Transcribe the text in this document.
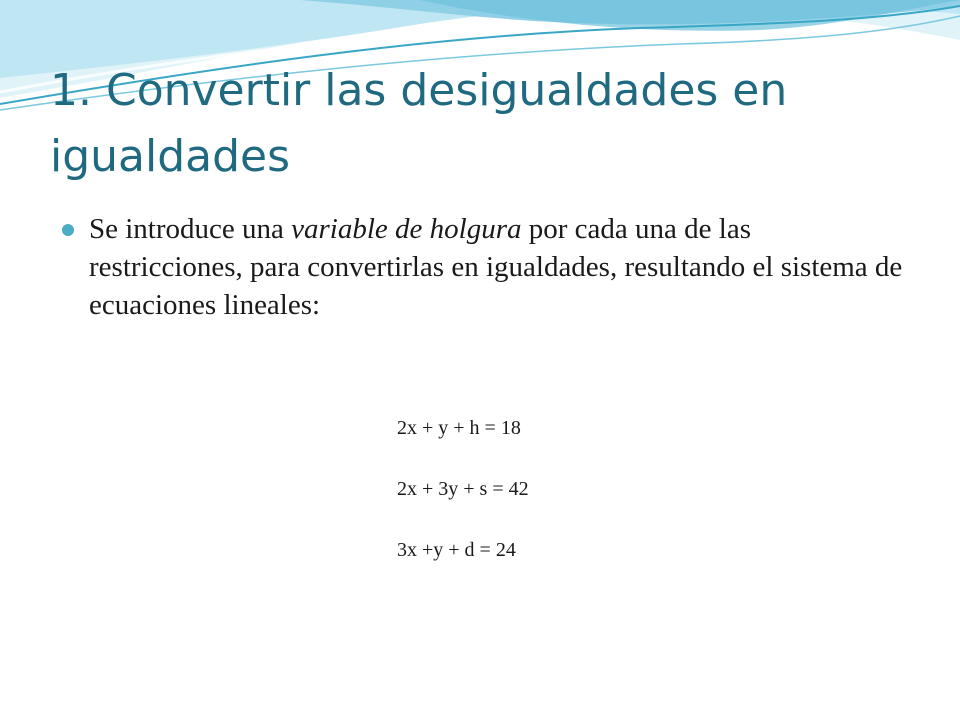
1. Convertir las desigualdades en igualdades
Se introduce una variable de holgura por cada una de las restricciones, para convertirlas en igualdades, resultando el sistema de ecuaciones lineales:
2x + y + h = 18
2x + 3y + s = 42
3x +y + d = 24
